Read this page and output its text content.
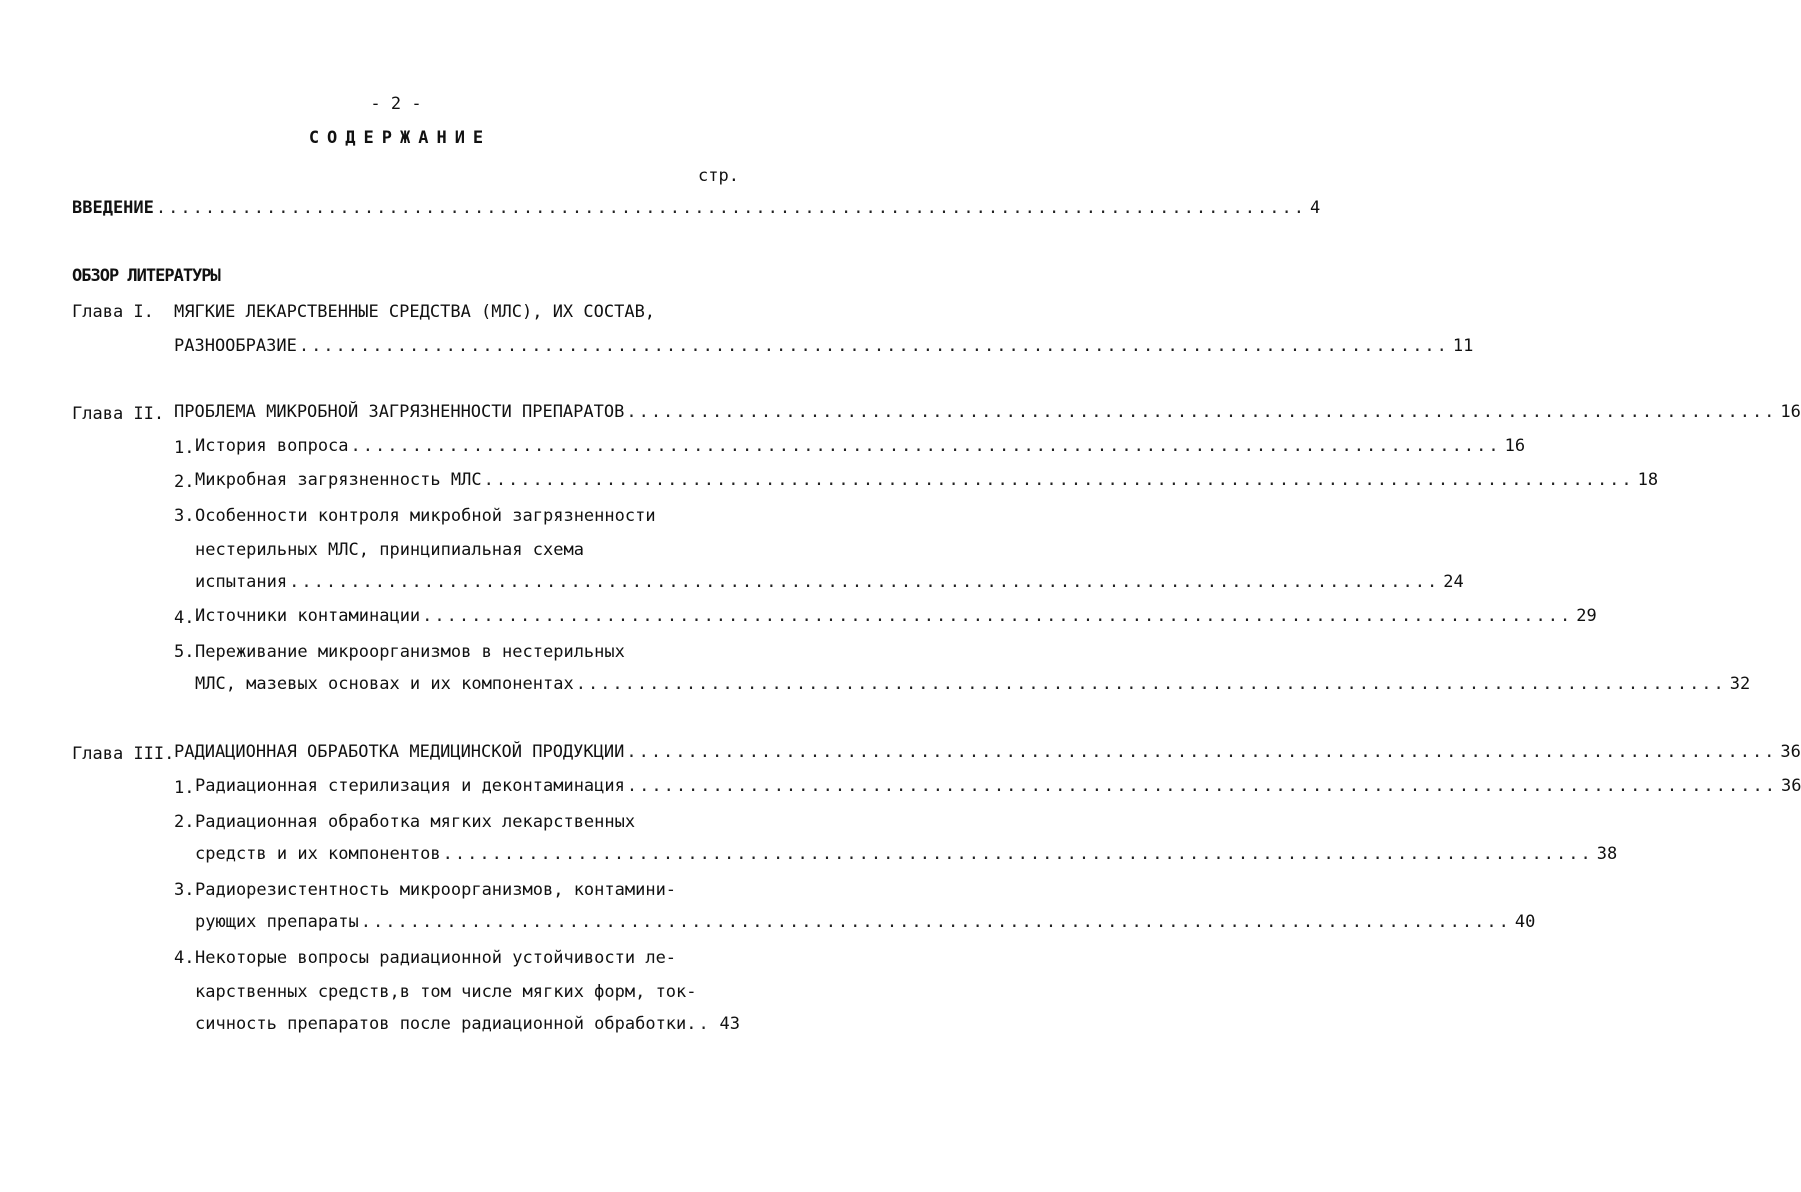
- 2 -
СОДЕРЖАНИЕ
стр.
ВВЕДЕНИЕ .............................................................................................. 4
ОБЗОР ЛИТЕРАТУРЫ
Глава I. МЯГКИЕ ЛЕКАРСТВЕННЫЕ СРЕДСТВА (МЛС), ИХ СОСТАВ,
РАЗНООБРАЗИЕ .............................................................................................. 11
Глава II. ПРОБЛЕМА МИКРОБНОЙ ЗАГРЯЗНЕННОСТИ ПРЕПАРАТОВ .............................................................................................. 16
1. История вопроса .............................................................................................. 16
2. Микробная загрязненность МЛС .............................................................................................. 18
3. Особенности контроля микробной загрязненности
нестерильных МЛС, принципиальная схема
испытания .............................................................................................. 24
4. Источники контаминации .............................................................................................. 29
5. Переживание микроорганизмов в нестерильных
МЛС, мазевых основах и их компонентах .............................................................................................. 32
Глава III. РАДИАЦИОННАЯ ОБРАБОТКА МЕДИЦИНСКОЙ ПРОДУКЦИИ .............................................................................................. 36
1. Радиационная стерилизация и деконтаминация .............................................................................................. 36
2. Радиационная обработка мягких лекарственных
средств и их компонентов .............................................................................................. 38
3. Радиорезистентность микроорганизмов, контамини-
рующих препараты .............................................................................................. 40
4. Некоторые вопросы радиационной устойчивости ле-
карственных средств,в том числе мягких форм, ток-
сичность препаратов после радиационной обработки. . 43
